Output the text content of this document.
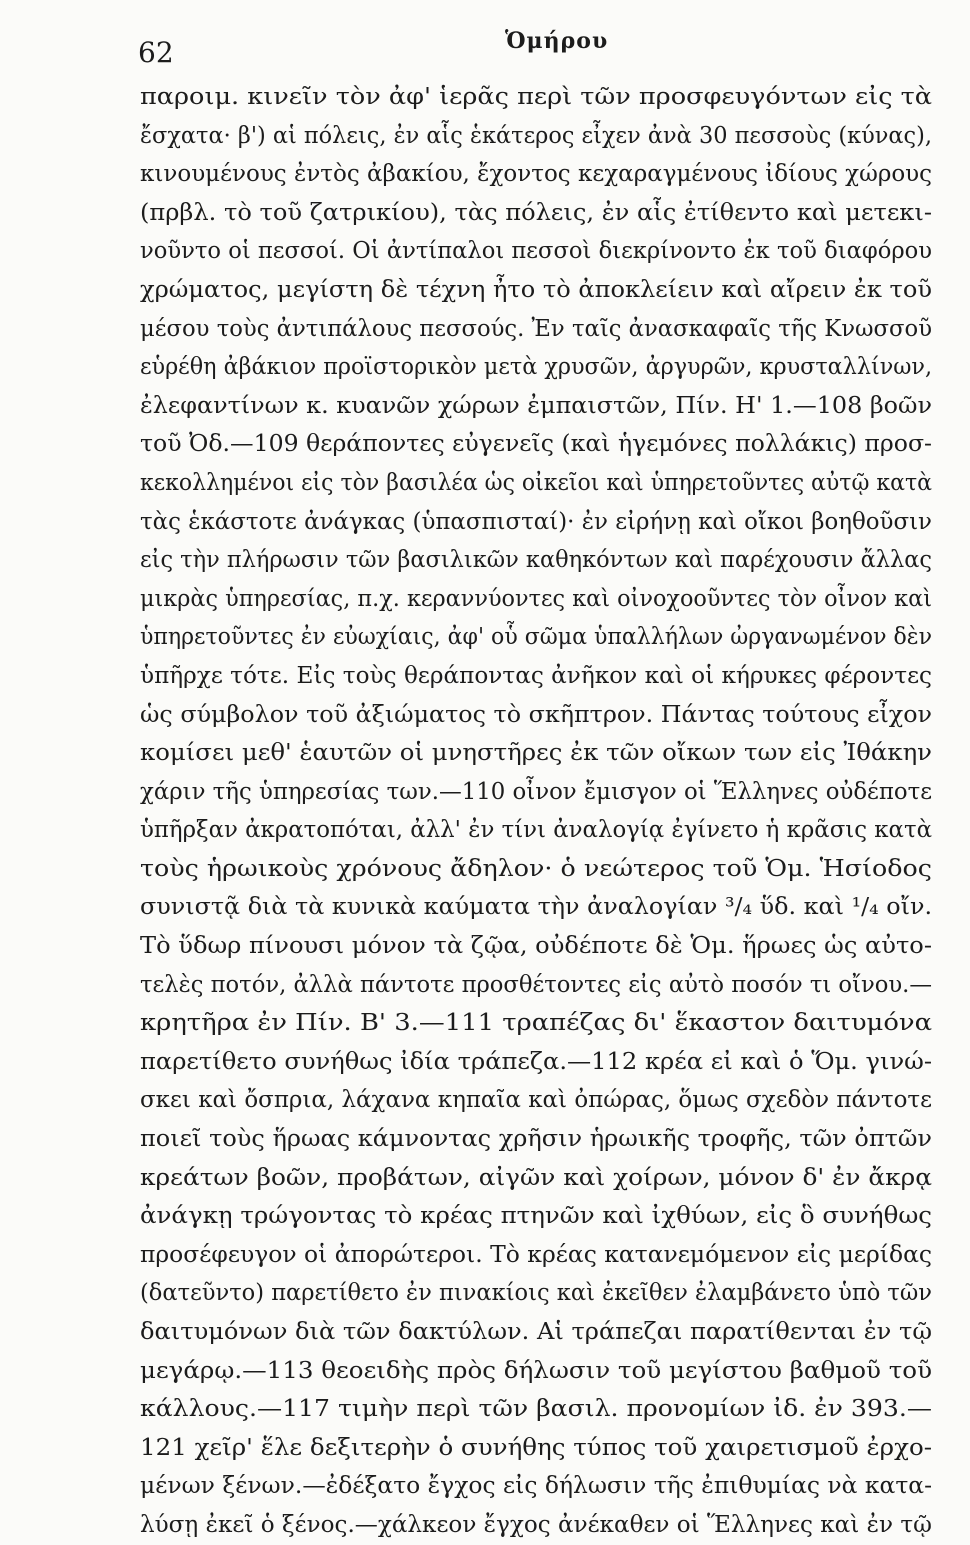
62	Ὁμήρου
παροιμ. κινεῖν τὸν ἀφ' ἱερᾶς περὶ τῶν προσφευγόντων εἰς τὰ
ἔσχατα· β') αἱ πόλεις, ἐν αἷς ἑκάτερος εἶχεν ἀνὰ 30 πεσσοὺς (κύνας),
κινουμένους ἐντὸς ἀβακίου, ἔχοντος κεχαραγμένους ἰδίους χώρους
(πρβλ. τὸ τοῦ ζατρικίου), τὰς πόλεις, ἐν αἷς ἐτίθεντο καὶ μετεκι-
νοῦντο οἱ πεσσοί. Οἱ ἀντίπαλοι πεσσοὶ διεκρίνοντο ἐκ τοῦ διαφόρου
χρώματος, μεγίστη δὲ τέχνη ἦτο τὸ ἀποκλείειν καὶ αἴρειν ἐκ τοῦ
μέσου τοὺς ἀντιπάλους πεσσούς. Ἐν ταῖς ἀνασκαφαῖς τῆς Κνωσσοῦ
εὑρέθη ἀβάκιον προϊστορικὸν μετὰ χρυσῶν, ἀργυρῶν, κρυσταλλίνων,
ἐλεφαντίνων κ. κυανῶν χώρων ἐμπαιστῶν, Πίν. Η' 1.—108 βοῶν
τοῦ Ὀδ.—109 θεράποντες εὐγενεῖς (καὶ ἡγεμόνες πολλάκις) προσ-
κεκολλημένοι εἰς τὸν βασιλέα ὡς οἰκεῖοι καὶ ὑπηρετοῦντες αὐτῷ κατὰ
τὰς ἑκάστοτε ἀνάγκας (ὑπασπισταί)· ἐν εἰρήνῃ καὶ οἴκοι βοηθοῦσιν
εἰς τὴν πλήρωσιν τῶν βασιλικῶν καθηκόντων καὶ παρέχουσιν ἄλλας
μικρὰς ὑπηρεσίας, π.χ. κεραννύοντες καὶ οἰνοχοοῦντες τὸν οἶνον καὶ
ὑπηρετοῦντες ἐν εὐωχίαις, ἀφ' οὗ σῶμα ὑπαλλήλων ὠργανωμένον δὲν
ὑπῆρχε τότε. Εἰς τοὺς θεράποντας ἀνῆκον καὶ οἱ κήρυκες φέροντες
ὡς σύμβολον τοῦ ἀξιώματος τὸ σκῆπτρον. Πάντας τούτους εἶχον
κομίσει μεθ' ἑαυτῶν οἱ μνηστῆρες ἐκ τῶν οἴκων των εἰς Ἰθάκην
χάριν τῆς ὑπηρεσίας των.—110 οἶνον ἔμισγον οἱ Ἕλληνες οὐδέποτε
ὑπῆρξαν ἀκρατοπόται, ἀλλ' ἐν τίνι ἀναλογίᾳ ἐγίνετο ἡ κρᾶσις κατὰ
τοὺς ἡρωικοὺς χρόνους ἄδηλον· ὁ νεώτερος τοῦ Ὁμ. Ἡσίοδος
συνιστᾷ διὰ τὰ κυνικὰ καύματα τὴν ἀναλογίαν ³/₄ ὕδ. καὶ ¹/₄ οἴν.
Τὸ ὕδωρ πίνουσι μόνον τὰ ζῷα, οὐδέποτε δὲ Ὁμ. ἥρωες ὡς αὐτο-
τελὲς ποτόν, ἀλλὰ πάντοτε προσθέτοντες εἰς αὐτὸ ποσόν τι οἴνου.—
κρητῆρα ἐν Πίν. Β' 3.—111 τραπέζας δι' ἕκαστον δαιτυμόνα
παρετίθετο συνήθως ἰδία τράπεζα.—112 κρέα εἰ καὶ ὁ Ὅμ. γινώ-
σκει καὶ ὄσπρια, λάχανα κηπαῖα καὶ ὀπώρας, ὅμως σχεδὸν πάντοτε
ποιεῖ τοὺς ἥρωας κάμνοντας χρῆσιν ἡρωικῆς τροφῆς, τῶν ὀπτῶν
κρεάτων βοῶν, προβάτων, αἰγῶν καὶ χοίρων, μόνον δ' ἐν ἄκρᾳ
ἀνάγκῃ τρώγοντας τὸ κρέας πτηνῶν καὶ ἰχθύων, εἰς ὃ συνήθως
προσέφευγον οἱ ἀπορώτεροι. Τὸ κρέας κατανεμόμενον εἰς μερίδας
(δατεῦντο) παρετίθετο ἐν πινακίοις καὶ ἐκεῖθεν ἐλαμβάνετο ὑπὸ τῶν
δαιτυμόνων διὰ τῶν δακτύλων. Αἱ τράπεζαι παρατίθενται ἐν τῷ
μεγάρῳ.—113 θεοειδὴς πρὸς δήλωσιν τοῦ μεγίστου βαθμοῦ τοῦ
κάλλους.—117 τιμὴν περὶ τῶν βασιλ. προνομίων ἰδ. ἐν 393.—
121 χεῖρ' ἕλε δεξιτερὴν ὁ συνήθης τύπος τοῦ χαιρετισμοῦ ἐρχο-
μένων ξένων.—ἐδέξατο ἔγχος εἰς δήλωσιν τῆς ἐπιθυμίας νὰ κατα-
λύσῃ ἐκεῖ ὁ ξένος.—χάλκεον ἔγχος ἀνέκαθεν οἱ Ἕλληνες καὶ ἐν τῷ
